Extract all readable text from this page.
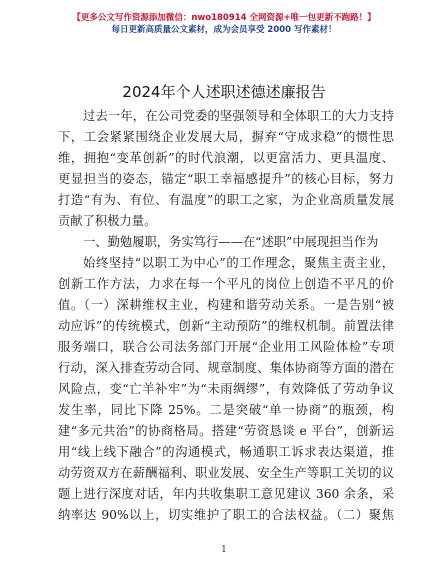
【更多公文写作资源添加微信：nwo180914 全网资源+唯一包更新不跑路！】
每日更新高质量公文素材，成为会员享受 2000 写作素材！
2024年个人述职述德述廉报告
过去一年，在公司党委的坚强领导和全体职工的大力支持
下，工会紧紧围绕企业发展大局，摒弃“守成求稳”的惯性思
维，拥抱“变革创新”的时代浪潮，以更富活力、更具温度、
更显担当的姿态，锚定“职工幸福感提升”的核心目标，努力
打造“有为、有位、有温度”的职工之家，为企业高质量发展
贡献了积极力量。
一、勤勉履职，务实笃行——在“述职”中展现担当作为
始终坚持“以职工为中心”的工作理念，聚焦主责主业，
创新工作方法，力求在每一个平凡的岗位上创造不平凡的价
值。（一）深耕维权主业，构建和谐劳动关系。一是告别“被
动应诉”的传统模式，创新“主动预防”的维权机制。前置法律
服务端口，联合公司法务部门开展“企业用工风险体检”专项
行动，深入排查劳动合同、规章制度、集体协商等方面的潜在
风险点，变“亡羊补牢”为“未雨绸缪”，有效降低了劳动争议
发生率，同比下降 25%。二是突破“单一协商”的瓶颈，构
建“多元共治”的协商格局。搭建“劳资恳谈 e 平台”，创新运
用“线上线下融合”的沟通模式，畅通职工诉求表达渠道，推
动劳资双方在薪酬福利、职业发展、安全生产等职工关切的议
题上进行深度对话，年内共收集职工意见建议 360 余条，采
纳率达 90%以上，切实维护了职工的合法权益。（二）聚焦
1
